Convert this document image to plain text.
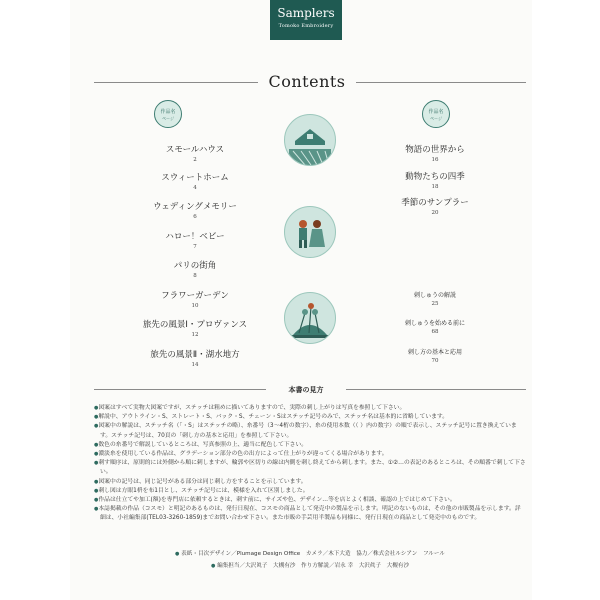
Samplers
Tomoko Embroidery
Contents
作品名
ページ
作品名
ページ
スモールハウス
2
スウィートホーム
4
ウェディングメモリー
6
ハロー！ベビー
7
パリの街角
8
フラワーガーデン
10
旅先の風景Ⅰ・プロヴァンス
12
旅先の風景Ⅱ・湖水地方
14
物語の世界から
16
動物たちの四季
18
季節のサンプラー
20
刺しゅうの解説
25
刺しゅうを始める前に
68
刺し方の基本と応用
70
本書の見方
●図案はすべて実物大図案ですが、ステッチは粗めに描いてありますので、実際の刺し上がりは写真を参照して下さい。
●解説中、アウトライン・S、ストレート・S、バック・S、チェーン・Sはステッチ記号のみで、ステッチ名は基本的に省略しています。
●図案中の解説は、ステッチ名（「・S」はステッチの略）、糸番号（3〜4桁の数字）、糸の使用本数（（ ）内の数字）の順で表示し、ステッチ記号に置き換えています。ステッチ記号は、70頁の「刺し方の基本と応用」を参照して下さい。
●数色の糸番号で解説しているところは、写真参照の上、適当に配色して下さい。
●濃淡糸を使用している作品は、グラデーション部分の色の出方によって仕上がりが違ってくる場合があります。
●刺す順序は、原則的には外側から順に刺しますが、輪郭や区切りの線は内側を刺し終えてから刺します。また、①②…の表記のあるところは、その順番で刺して下さい。
●図案中の記号は、同じ記号がある部分は同じ刺し方をすることを示しています。
●刺し図は方眼1枡を布1目とし、ステッチ記号には、模様を入れて区別しました。
●作品は仕立てや加工(額)を専門店に依頼するときは、刺す前に、サイズや色、デザイン…等を店とよく相談、確認の上ではじめて下さい。
●本誌掲載の作品（コスモ）と明記のあるものは、発行日現在、コスモの商品として発売中の製品を示します。明記のないものは、その他の市販製品を示します。詳細は、小社編集部(TEL03-3260-1859)までお問い合わせ下さい。また市販の手芸用半製品も同様に、発行日現在の商品として発売中のものです。
● 表紙・目次デザイン／Plumage Design Office　カメラ／木下大造　協力／株式会社ルシアン　フルール
● 編集担当／大沢眞子　大槻有沙　作り方解説／岩永 幸　大沢眞子　大槻有沙
